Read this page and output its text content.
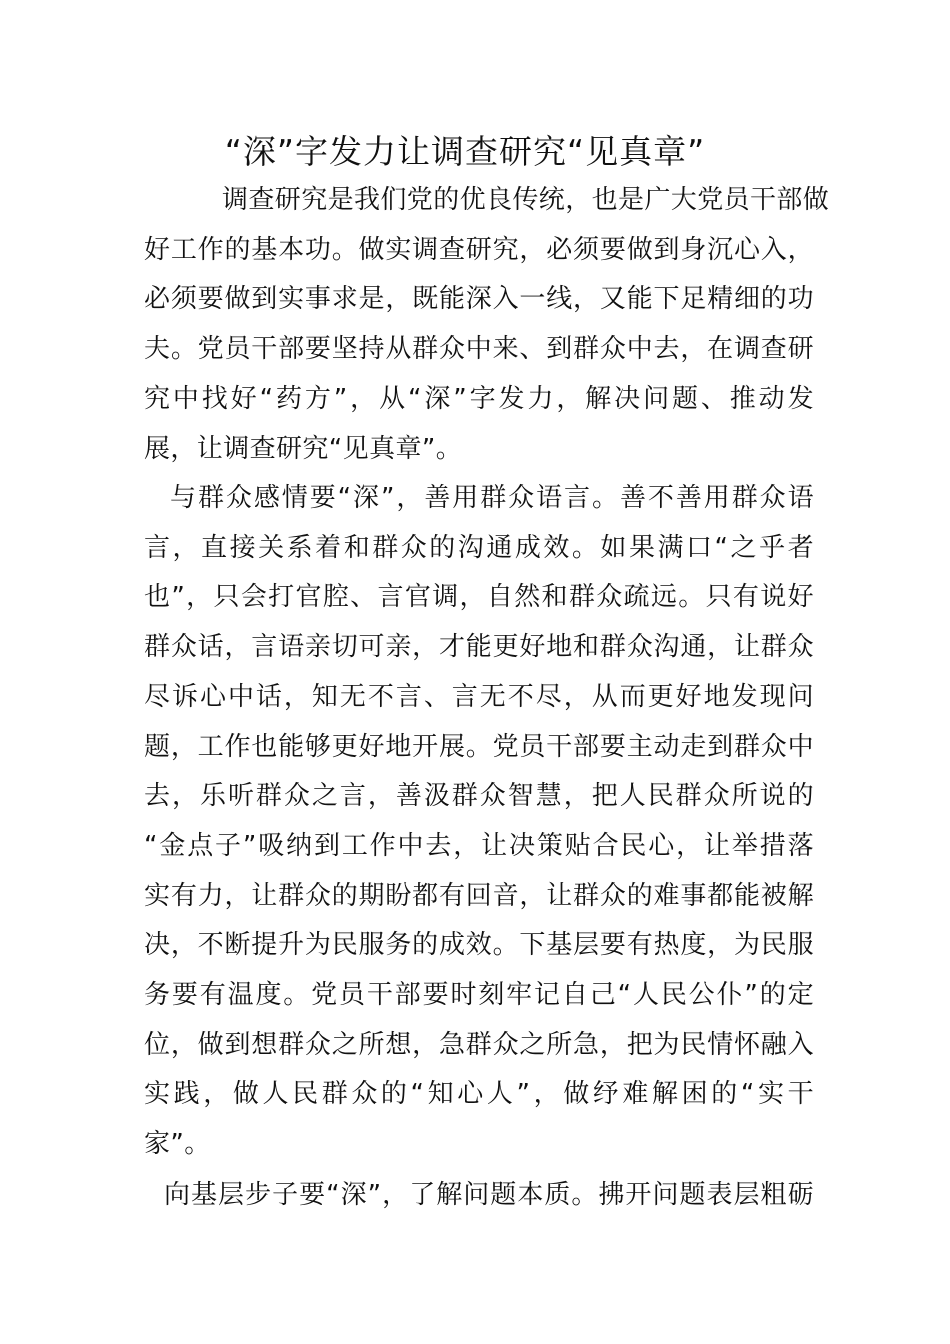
“深”字发力让调查研究“见真章”
调查研究是我们党的优良传统，也是广大党员干部做
好工作的基本功。做实调查研究，必须要做到身沉心入，
必须要做到实事求是，既能深入一线，又能下足精细的功
夫。党员干部要坚持从群众中来、到群众中去，在调查研
究中找好“药方”，从“深”字发力，解决问题、推动发
展，让调查研究“见真章”。
与群众感情要“深”，善用群众语言。善不善用群众语
言，直接关系着和群众的沟通成效。如果满口“之乎者
也”，只会打官腔、言官调，自然和群众疏远。只有说好
群众话，言语亲切可亲，才能更好地和群众沟通，让群众
尽诉心中话，知无不言、言无不尽，从而更好地发现问
题，工作也能够更好地开展。党员干部要主动走到群众中
去，乐听群众之言，善汲群众智慧，把人民群众所说的
“金点子”吸纳到工作中去，让决策贴合民心，让举措落
实有力，让群众的期盼都有回音，让群众的难事都能被解
决，不断提升为民服务的成效。下基层要有热度，为民服
务要有温度。党员干部要时刻牢记自己“人民公仆”的定
位，做到想群众之所想，急群众之所急，把为民情怀融入
实践，做人民群众的“知心人”，做纾难解困的“实干
家”。
向基层步子要“深”，了解问题本质。拂开问题表层粗砺
